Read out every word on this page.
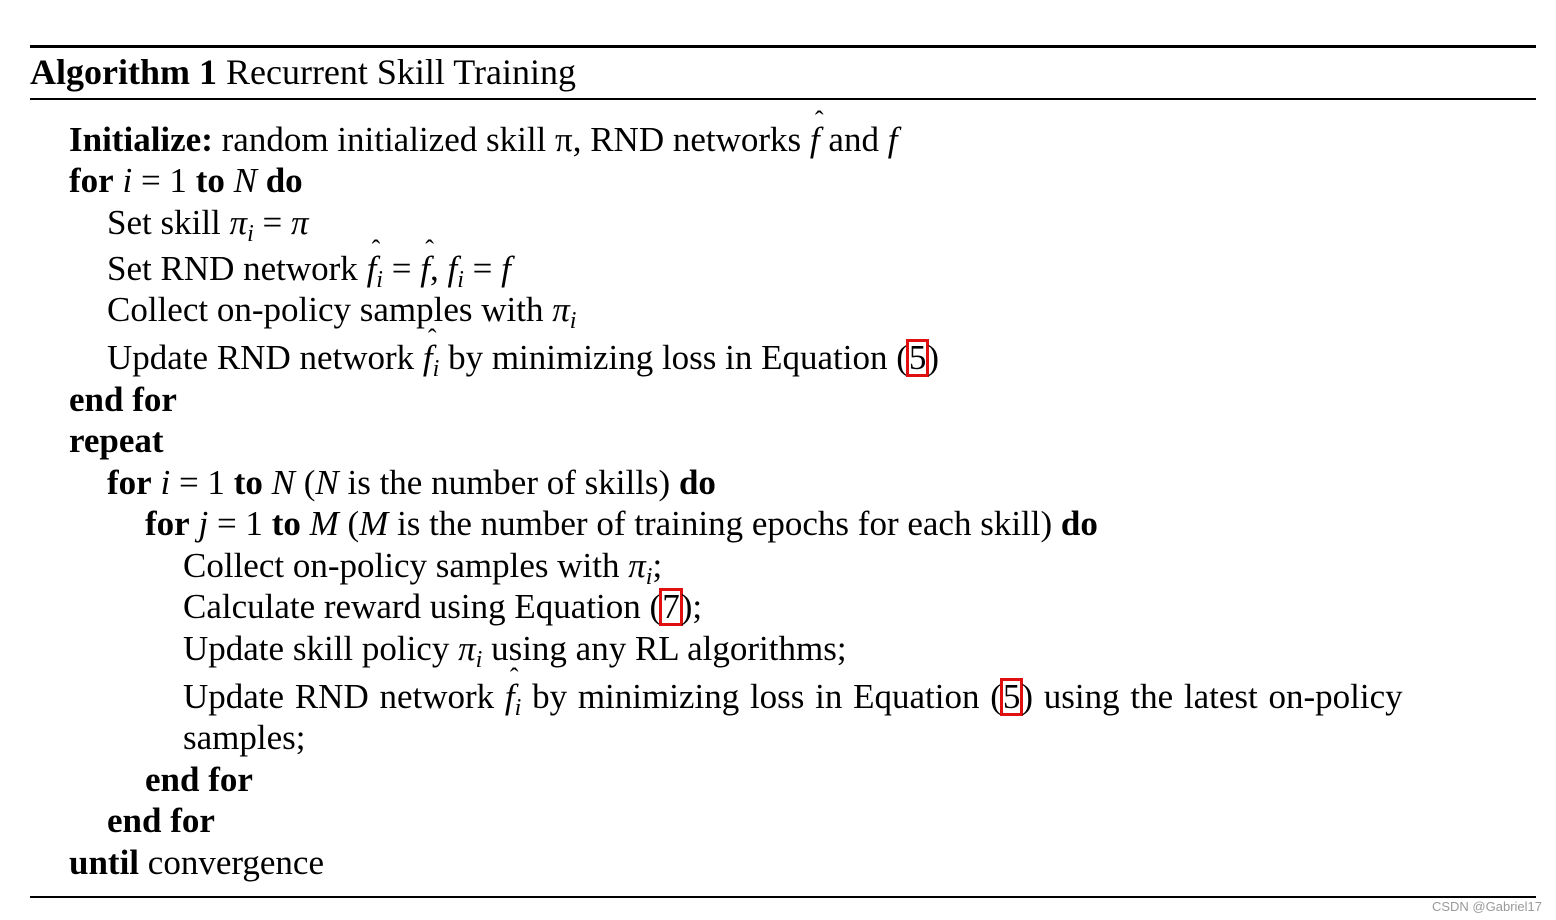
Algorithm 1 Recurrent Skill Training
Initialize: random initialized skill π, RND networks ˆ f and f
for i = 1 to N do
Set skill $\pi_i = \pi$
Set RND network ˆ $f_i$ = ˆ f, $f_i = f$
Collect on-policy samples with $\pi_i$
Update RND network ˆ $f_i$ by minimizing loss in Equation (5)
end for
repeat
for i = 1 to N (N is the number of skills) do
for j = 1 to M (M is the number of training epochs for each skill) do
Collect on-policy samples with $\pi_i$;
Calculate reward using Equation (7);
Update skill policy $\pi_i$ using any RL algorithms;
Update RND network ˆ $f_i$ by minimizing loss in Equation (5) using the latest on-policy
samples;
end for
end for
until convergence
CSDN @Gabriel17
